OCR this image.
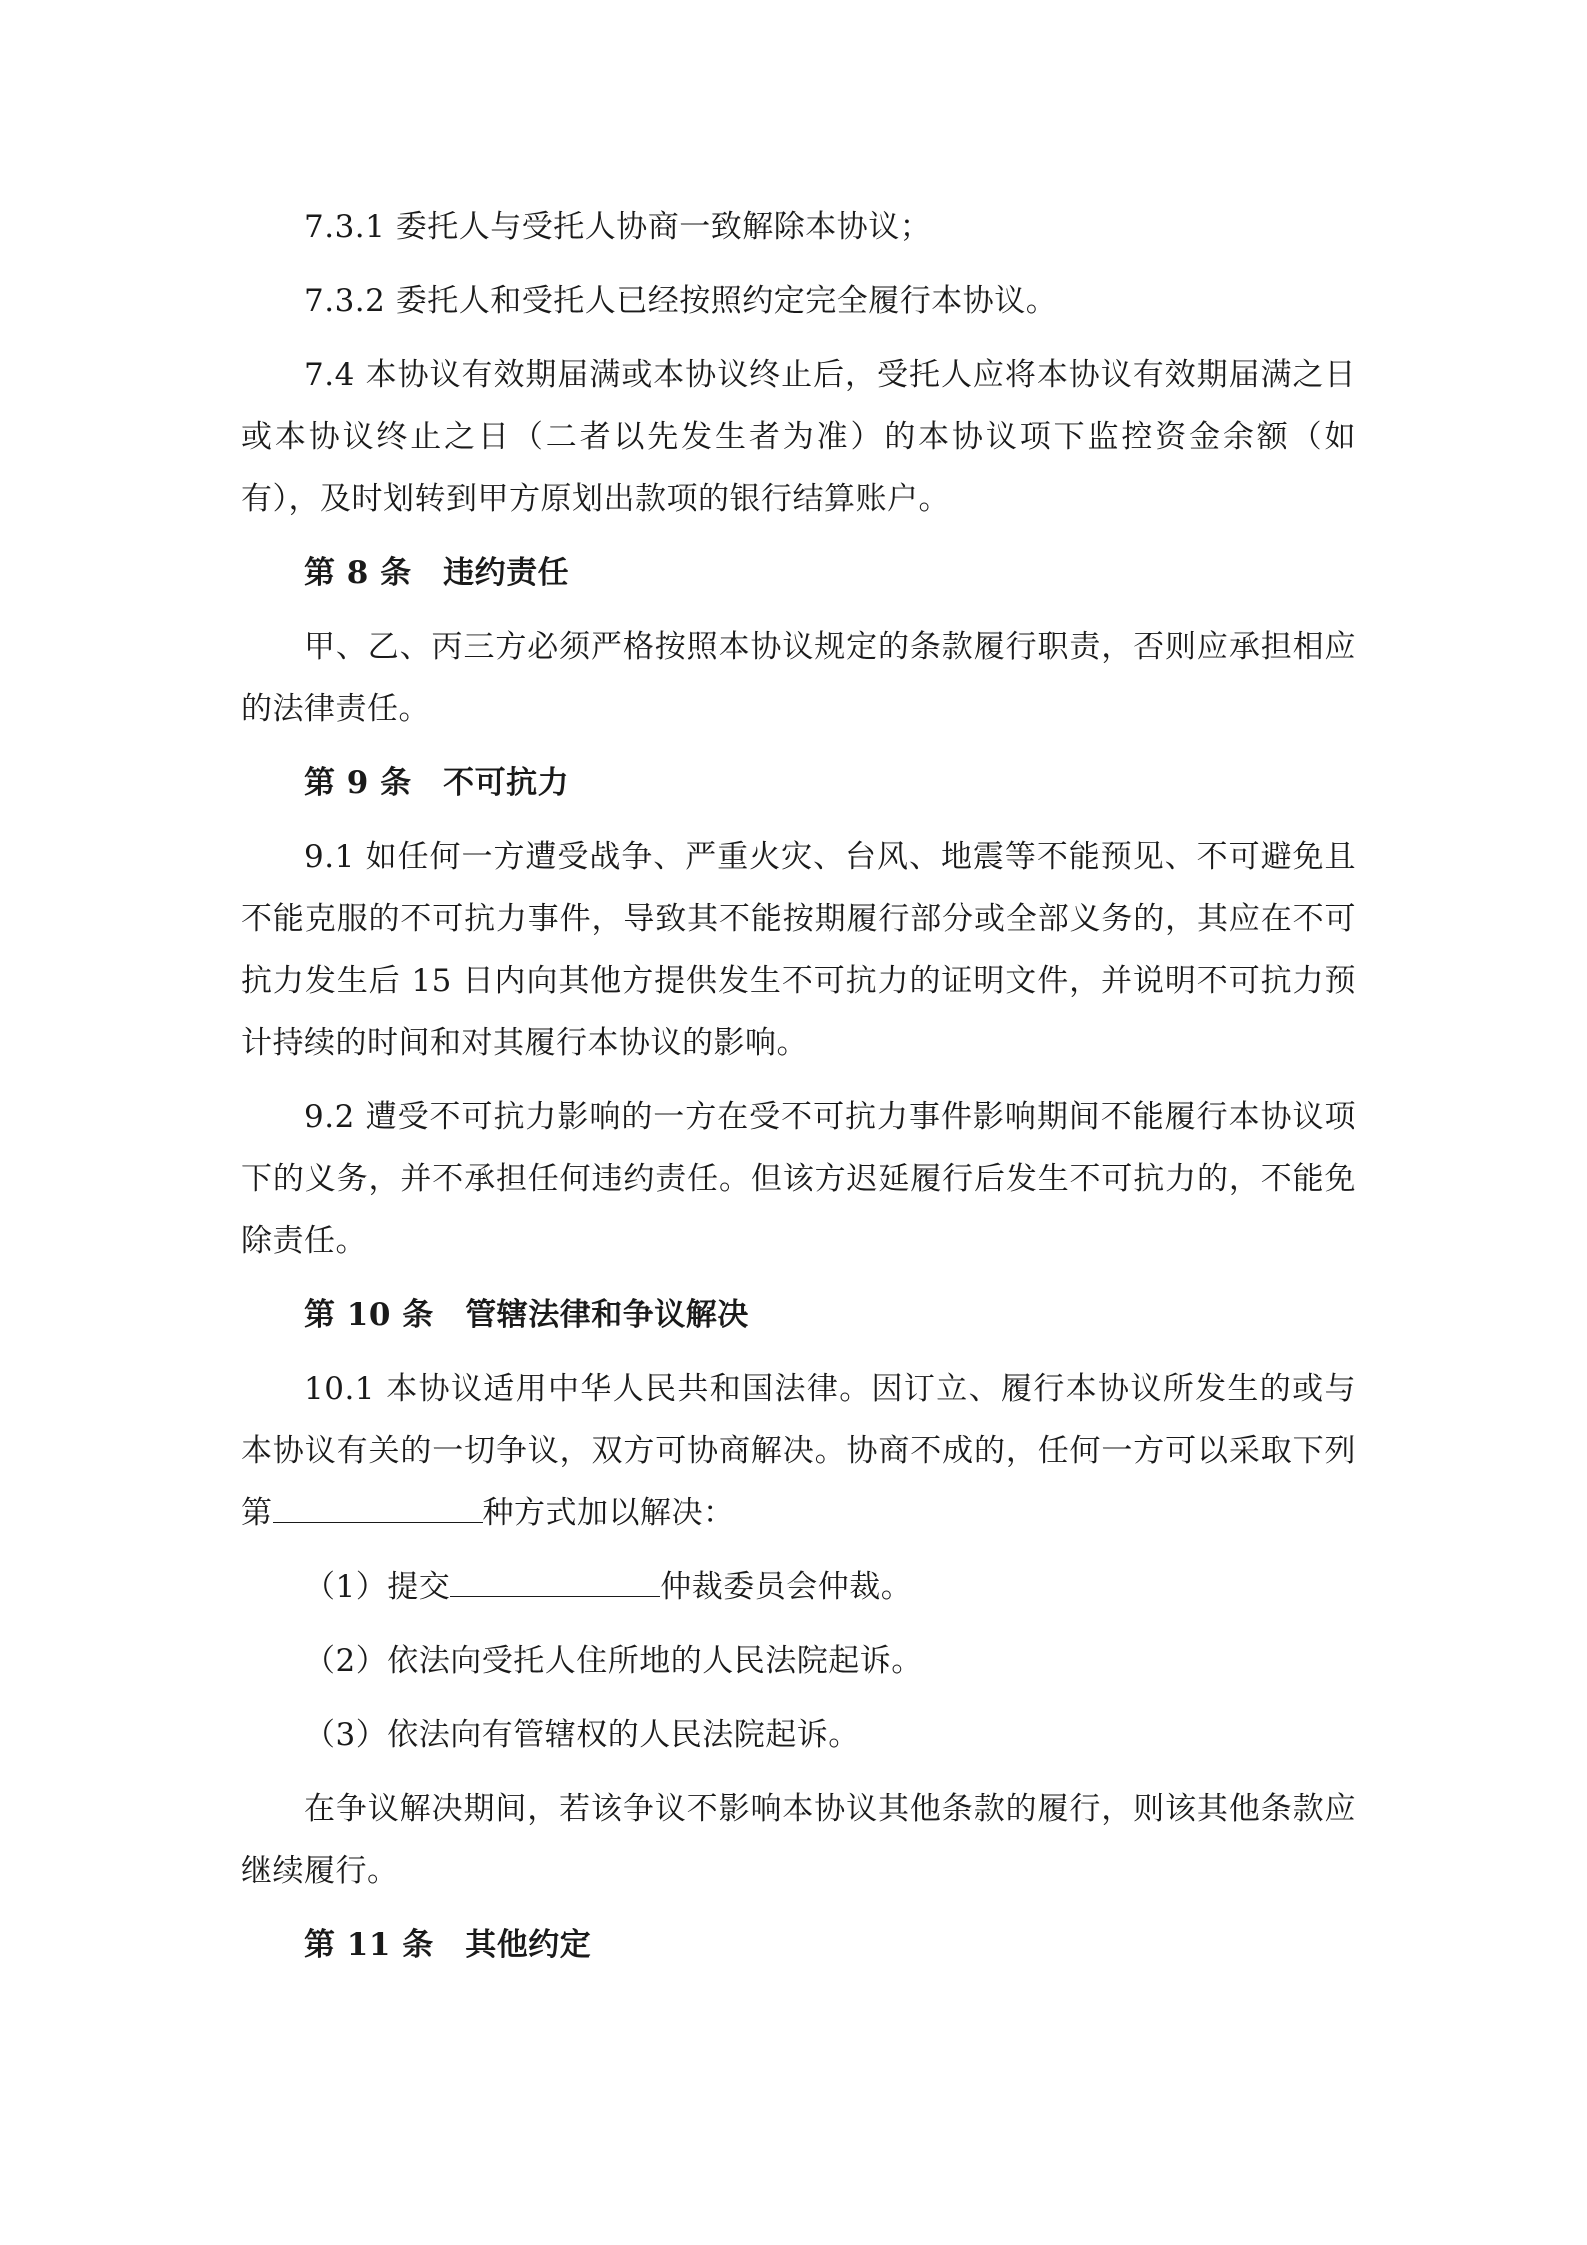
7.3.1 委托人与受托人协商一致解除本协议；

7.3.2 委托人和受托人已经按照约定完全履行本协议。

7.4 本协议有效期届满或本协议终止后，受托人应将本协议有效期届满之日或本协议终止之日（二者以先发生者为准）的本协议项下监控资金余额（如有），及时划转到甲方原划出款项的银行结算账户。

第 8 条　违约责任

甲、乙、丙三方必须严格按照本协议规定的条款履行职责，否则应承担相应的法律责任。

第 9 条　不可抗力

9.1 如任何一方遭受战争、严重火灾、台风、地震等不能预见、不可避免且不能克服的不可抗力事件，导致其不能按期履行部分或全部义务的，其应在不可抗力发生后 15 日内向其他方提供发生不可抗力的证明文件，并说明不可抗力预计持续的时间和对其履行本协议的影响。

9.2 遭受不可抗力影响的一方在受不可抗力事件影响期间不能履行本协议项下的义务，并不承担任何违约责任。但该方迟延履行后发生不可抗力的，不能免除责任。

第 10 条　管辖法律和争议解决

10.1 本协议适用中华人民共和国法律。因订立、履行本协议所发生的或与本协议有关的一切争议，双方可协商解决。协商不成的，任何一方可以采取下列第	种方式加以解决：

（1）提交	仲裁委员会仲裁。

（2）依法向受托人住所地的人民法院起诉。

（3）依法向有管辖权的人民法院起诉。

在争议解决期间，若该争议不影响本协议其他条款的履行，则该其他条款应继续履行。

第 11 条　其他约定
